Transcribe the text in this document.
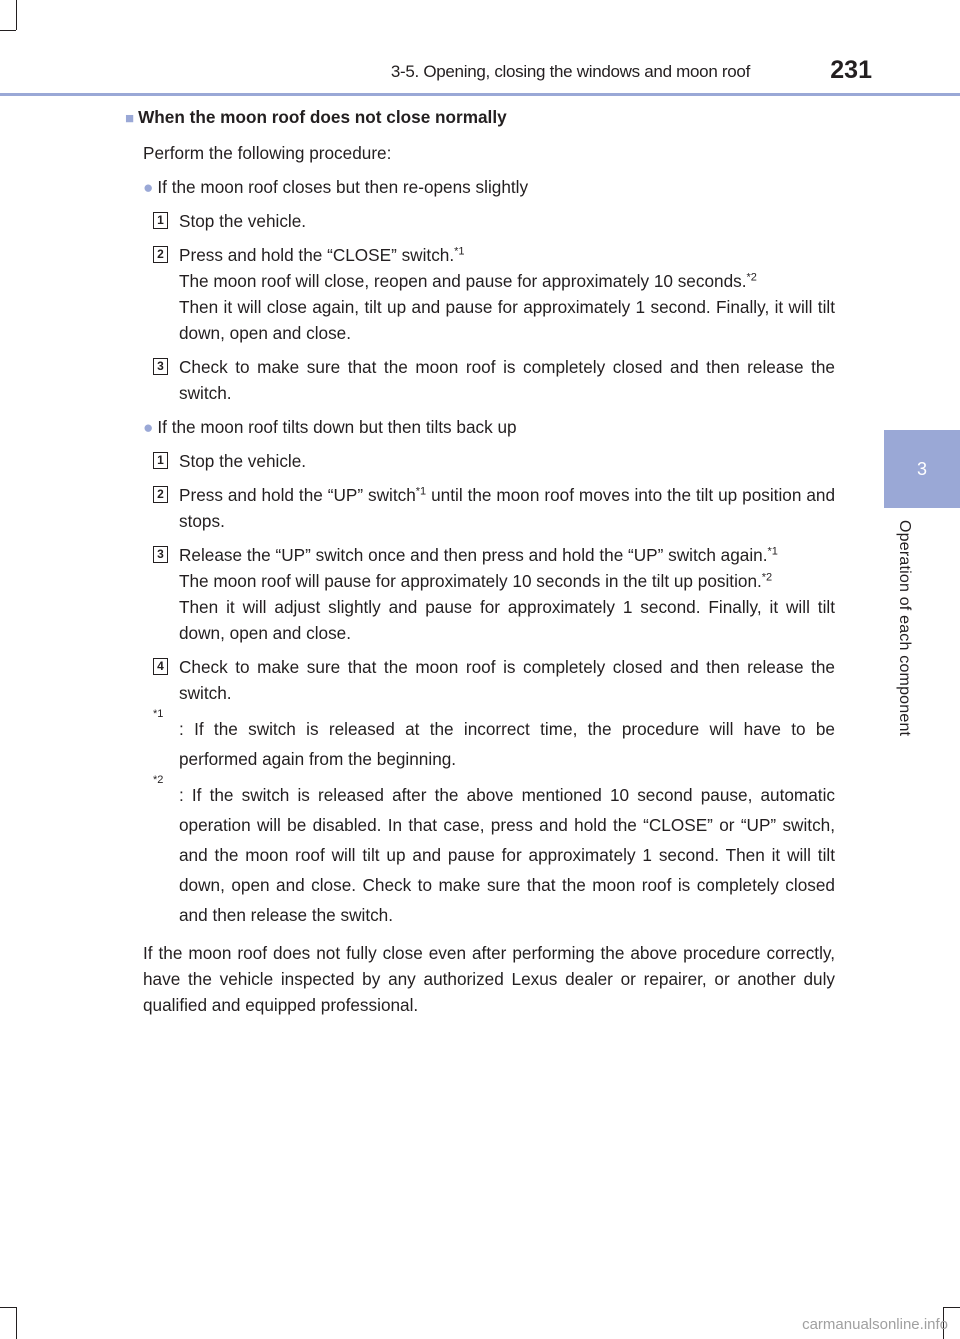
3-5. Opening, closing the windows and moon roof	231
3
Operation of each component
■ When the moon roof does not close normally
Perform the following procedure:
● If the moon roof closes but then re-opens slightly
1 Stop the vehicle.
2 Press and hold the “CLOSE” switch.$^{*1}$
The moon roof will close, reopen and pause for approximately 10 seconds.$^{*2}$
Then it will close again, tilt up and pause for approximately 1 second. Finally, it will tilt down, open and close.
3 Check to make sure that the moon roof is completely closed and then release the switch.
● If the moon roof tilts down but then tilts back up
1 Stop the vehicle.
2 Press and hold the “UP” switch$^{*1}$ until the moon roof moves into the tilt up position and stops.
3 Release the “UP” switch once and then press and hold the “UP” switch again.$^{*1}$
The moon roof will pause for approximately 10 seconds in the tilt up position.$^{*2}$
Then it will adjust slightly and pause for approximately 1 second. Finally, it will tilt down, open and close.
4 Check to make sure that the moon roof is completely closed and then release the switch.
*1
: If the switch is released at the incorrect time, the procedure will have to be performed again from the beginning.
*2
: If the switch is released after the above mentioned 10 second pause, automatic operation will be disabled. In that case, press and hold the “CLOSE” or “UP” switch, and the moon roof will tilt up and pause for approximately 1 second. Then it will tilt down, open and close. Check to make sure that the moon roof is completely closed and then release the switch.
If the moon roof does not fully close even after performing the above procedure correctly, have the vehicle inspected by any authorized Lexus dealer or repairer, or another duly qualified and equipped professional.
carmanualsonline.info
